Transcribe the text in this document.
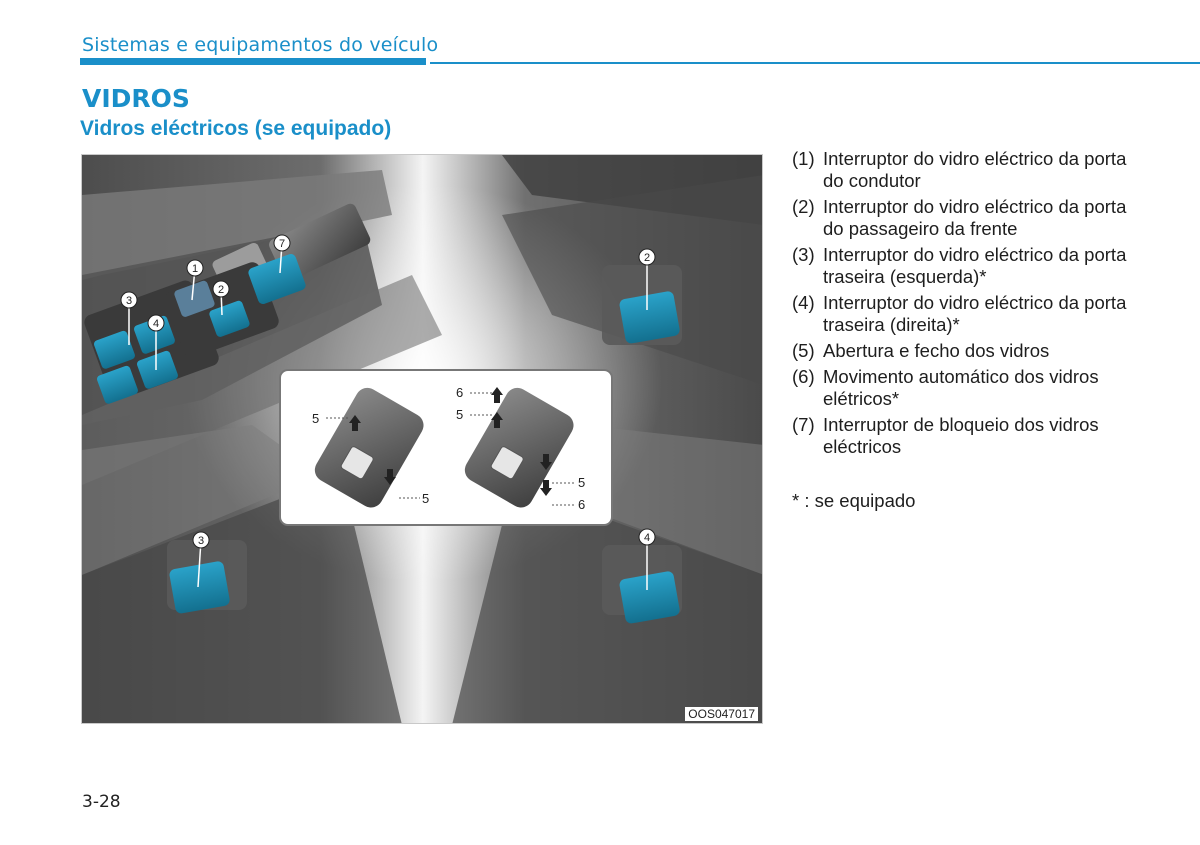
Sistemas e equipamentos do veículo
VIDROS
Vidros eléctricos (se equipado)
1
2
3
4
7
2
3	4
5
5
6
5
5
6
OOS047017
(1) Interruptor do vidro eléctrico da porta do condutor
(2) Interruptor do vidro eléctrico da porta do passageiro da frente
(3) Interruptor do vidro eléctrico da porta traseira (esquerda)*
(4) Interruptor do vidro eléctrico da porta traseira (direita)*
(5) Abertura e fecho dos vidros
(6) Movimento automático dos vidros elétricos*
(7) Interruptor de bloqueio dos vidros eléctricos
* : se equipado
3-28
